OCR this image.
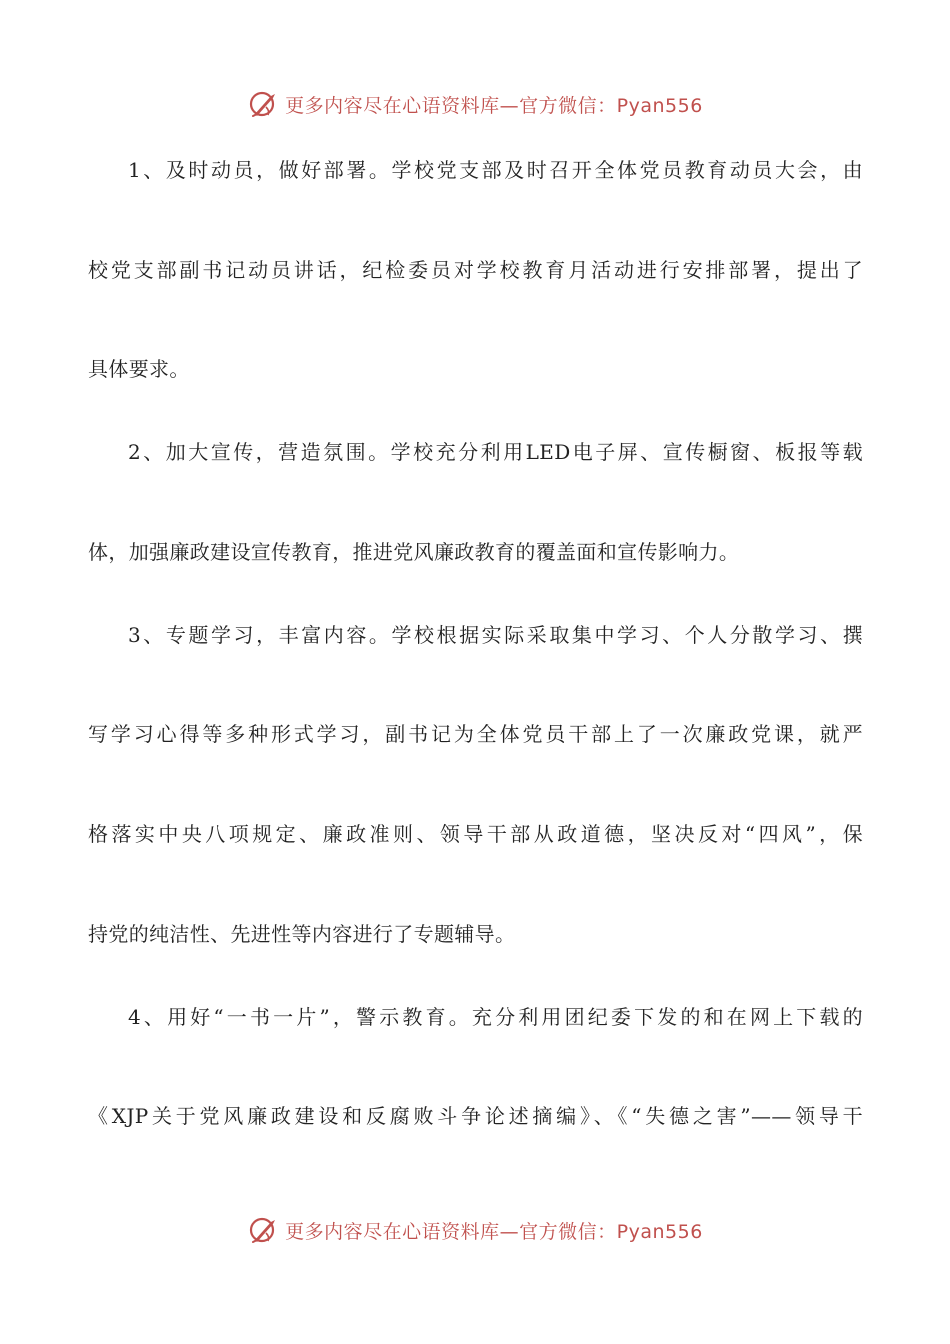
更多内容尽在心语资料库—官方微信：Pyan556
1、及时动员，做好部署。学校党支部及时召开全体党员教育动员大会，由
校党支部副书记动员讲话，纪检委员对学校教育月活动进行安排部署，提出了
具体要求。
2、加大宣传，营造氛围。学校充分利用LED电子屏、宣传橱窗、板报等载
体，加强廉政建设宣传教育，推进党风廉政教育的覆盖面和宣传影响力。
3、专题学习，丰富内容。学校根据实际采取集中学习、个人分散学习、撰
写学习心得等多种形式学习，副书记为全体党员干部上了一次廉政党课，就严
格落实中央八项规定、廉政准则、领导干部从政道德，坚决反对“四风”，保
持党的纯洁性、先进性等内容进行了专题辅导。
4、用好“一书一片”，警示教育。充分利用团纪委下发的和在网上下载的
《XJP关于党风廉政建设和反腐败斗争论述摘编》、《“失德之害”——领导干
更多内容尽在心语资料库—官方微信：Pyan556
